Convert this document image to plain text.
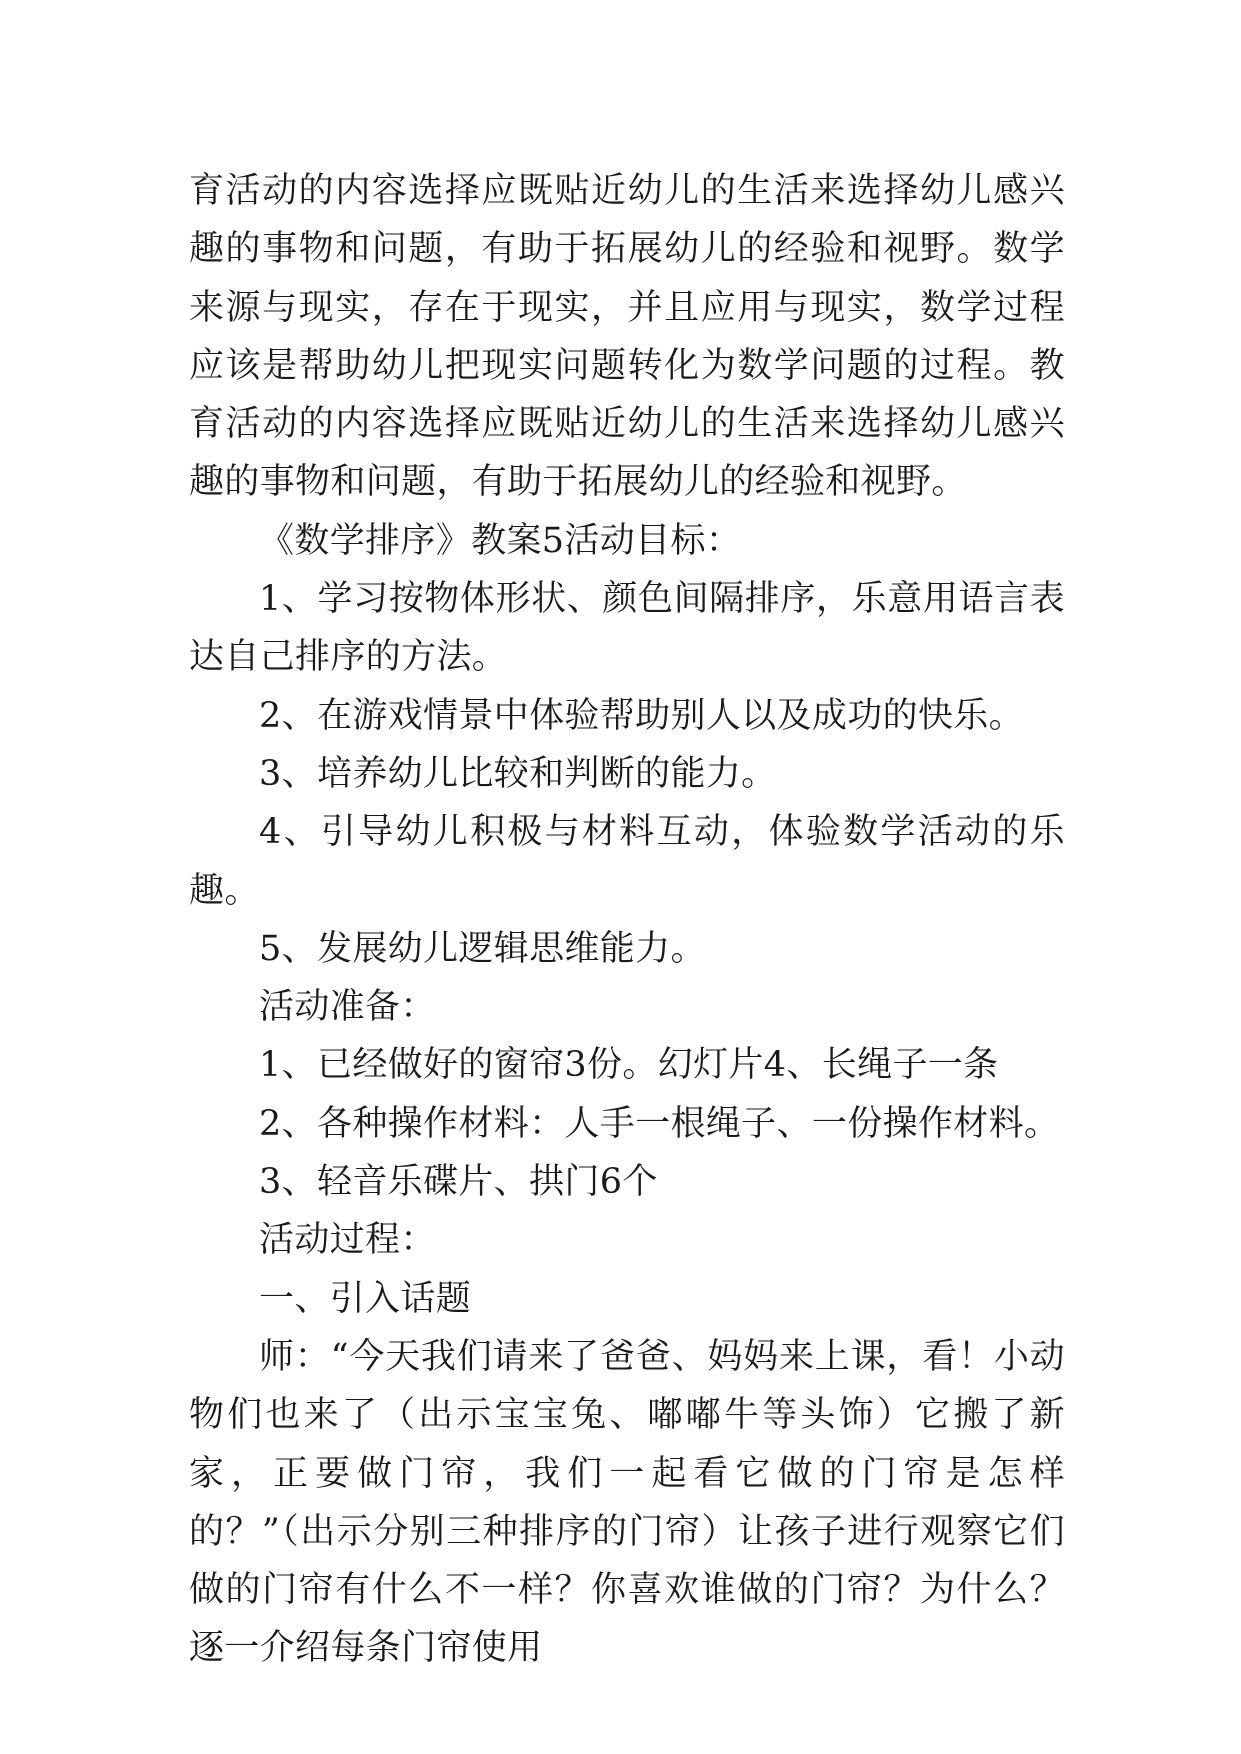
育活动的内容选择应既贴近幼儿的生活来选择幼儿感兴趣的事物和问题，有助于拓展幼儿的经验和视野。数学来源与现实，存在于现实，并且应用与现实，数学过程应该是帮助幼儿把现实问题转化为数学问题的过程。教育活动的内容选择应既贴近幼儿的生活来选择幼儿感兴趣的事物和问题，有助于拓展幼儿的经验和视野。

《数学排序》教案5活动目标：

1、学习按物体形状、颜色间隔排序，乐意用语言表达自己排序的方法。

2、在游戏情景中体验帮助别人以及成功的快乐。

3、培养幼儿比较和判断的能力。

4、引导幼儿积极与材料互动，体验数学活动的乐趣。

5、发展幼儿逻辑思维能力。

活动准备：

1、已经做好的窗帘3份。幻灯片4、长绳子一条

2、各种操作材料：人手一根绳子、一份操作材料。

3、轻音乐碟片、拱门6个

活动过程：

一、引入话题

师：“今天我们请来了爸爸、妈妈来上课，看！小动物们也来了（出示宝宝兔、嘟嘟牛等头饰）它搬了新家，正要做门帘，我们一起看它做的门帘是怎样的？”（出示分别三种排序的门帘）让孩子进行观察它们做的门帘有什么不一样？你喜欢谁做的门帘？为什么？逐一介绍每条门帘使用
